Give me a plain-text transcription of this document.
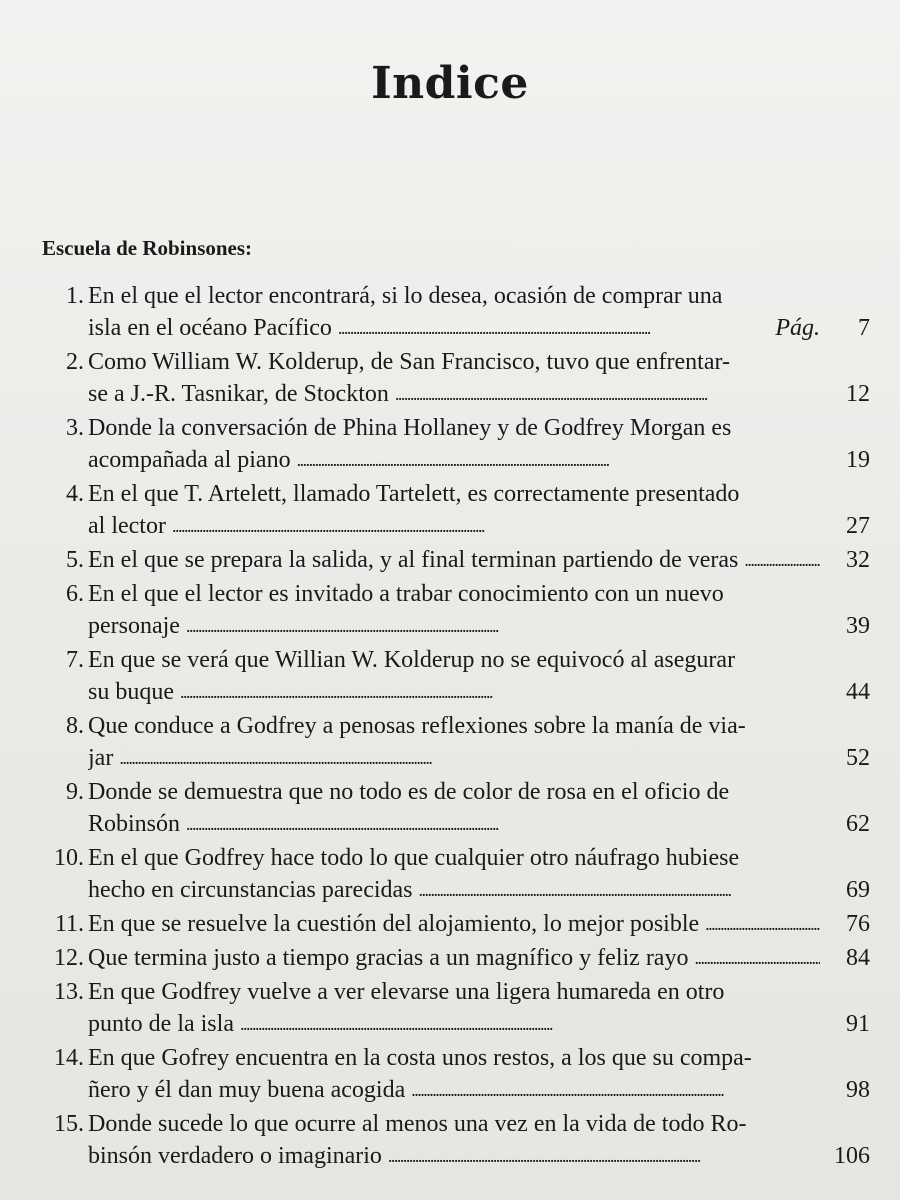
Indice
Escuela de Robinsones:
1. En el que el lector encontrará, si lo desea, ocasión de comprar una
isla en el océano Pacífico . . .	Pág.	7
2. Como William W. Kolderup, de San Francisco, tuvo que enfrentar-
se a J.-R. Tasnikar, de Stockton . . .	12
3. Donde la conversación de Phina Hollaney y de Godfrey Morgan es
acompañada al piano . . .	19
4. En el que T. Artelett, llamado Tartelett, es correctamente presentado
al lector . . .	27
5. En el que se prepara la salida, y al final terminan partiendo de veras . . .	32
6. En el que el lector es invitado a trabar conocimiento con un nuevo
personaje . . .	39
7. En que se verá que Willian W. Kolderup no se equivocó al asegurar
su buque . . .	44
8. Que conduce a Godfrey a penosas reflexiones sobre la manía de via-
jar . . .	52
9. Donde se demuestra que no todo es de color de rosa en el oficio de
Robinsón . . .	62
10. En el que Godfrey hace todo lo que cualquier otro náufrago hubiese
hecho en circunstancias parecidas . . .	69
11. En que se resuelve la cuestión del alojamiento, lo mejor posible . . .	76
12. Que termina justo a tiempo gracias a un magnífico y feliz rayo . . .	84
13. En que Godfrey vuelve a ver elevarse una ligera humareda en otro
punto de la isla . . .	91
14. En que Gofrey encuentra en la costa unos restos, a los que su compa-
ñero y él dan muy buena acogida . . .	98
15. Donde sucede lo que ocurre al menos una vez en la vida de todo Ro-
binsón verdadero o imaginario . . .	106
